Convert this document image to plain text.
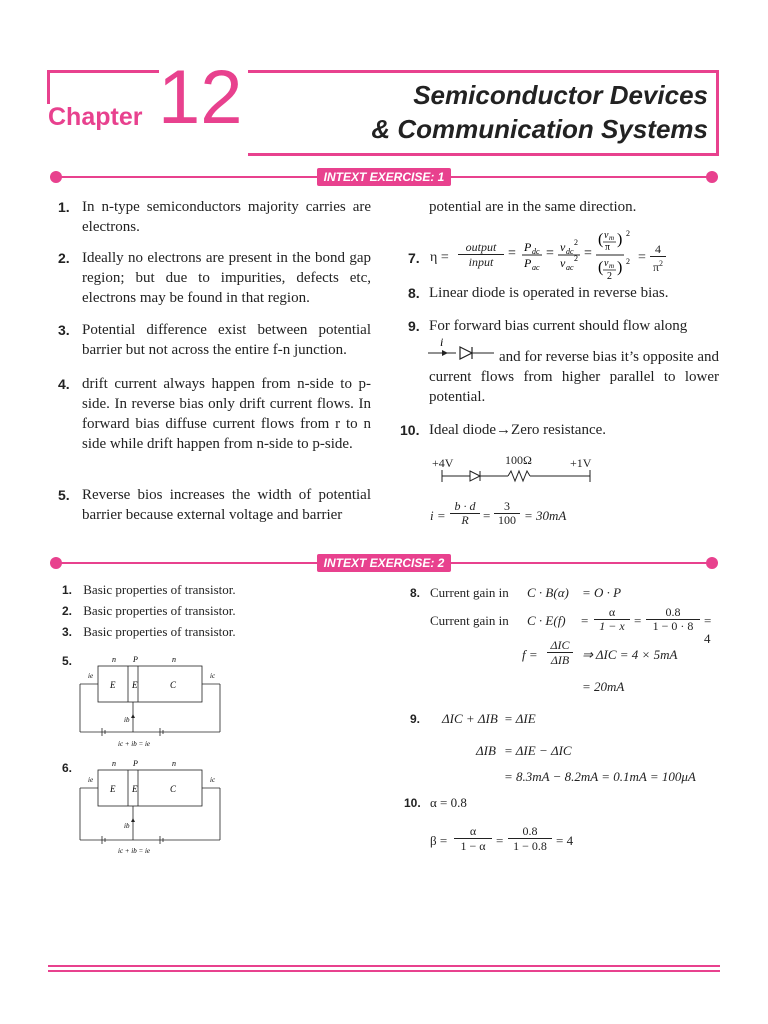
Chapter 12	Semiconductor Devices
& Communication Systems
INTEXT EXERCISE: 1
1. In n-type semiconductors majority carries are electrons.
2. Ideally no electrons are present in the bond gap region; but due to impurities, defects etc, electrons may be found in that region.
3. Potential difference exist between potential barrier but not across the entire f-n junction.
4. drift current always happen from n-side to p-side. In reverse bias only drift current flows. In forward bias diffuse current flows from r to n side while drift happen from n-side to p-side.
5. Reverse bios increases the width of potential barrier because external voltage and barrier
potential are in the same direction.
7. η =
output
input
= P dc
P ac
= v dc
2
v ac
2 =
( v m
π )
( v m
2
)
2
2 =
4
$\pi^2$
8. Linear diode is operated in reverse bias.
9. For forward bias current should flow along
i
and for reverse bias it’s opposite and current flows from higher parallel to lower potential.
10. Ideal diode→Zero resistance.
+4V	100Ω	+1V
i =
b · d
R	=
3
100 = 30mA
INTEXT EXERCISE: 2
1. Basic properties of transistor.
2. Basic properties of transistor.
3. Basic properties of transistor.
5.	n P	n
E E	C
ie	ic
ib
ic + ib = ie
6.	n P	n
E E	C
ie	ic
ib
ic + ib = ie
8. Current gain in C · B(α) = O · P
Current gain in C · E(f) =
α
1 − x =
0.8
1 − 0 · 8 = 4
f =
ΔIC
ΔIB ⇒ ΔIC = 4 × 5mA
= 20mA
9. ΔIC + ΔIB = ΔIE
ΔIB = ΔIE − ΔIC
= 8.3mA − 8.2mA = 0.1mA = 100μA
10. α = 0.8
β =
α
1 − α =
0.8
1 − 0.8 = 4
